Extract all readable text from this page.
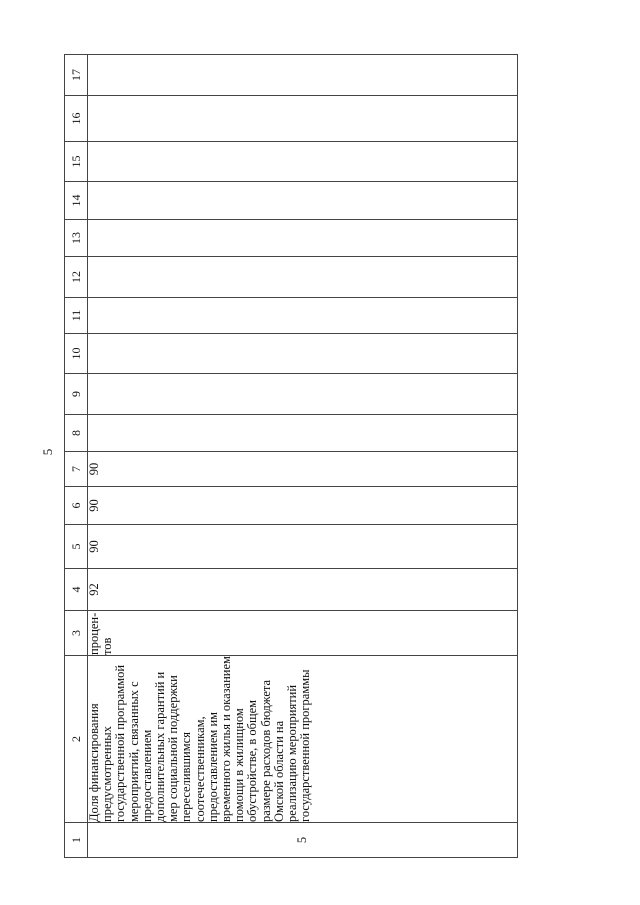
5
1	2	3	4	5	6	7	8	9	10	11	12	13	14	15	16	17
5	Доля финансирования предусмотренных государственной программой мероприятий, связанных с предоставлением дополнительных гарантий и мер социальной поддержки переселившимся соотечественникам, предоставлением им временного жилья и оказанием помощи в жилищном обустройстве, в общем размере расходов бюджета Омской области на реализацию мероприятий государственной программы	процен-тов	92	90	90	90										
